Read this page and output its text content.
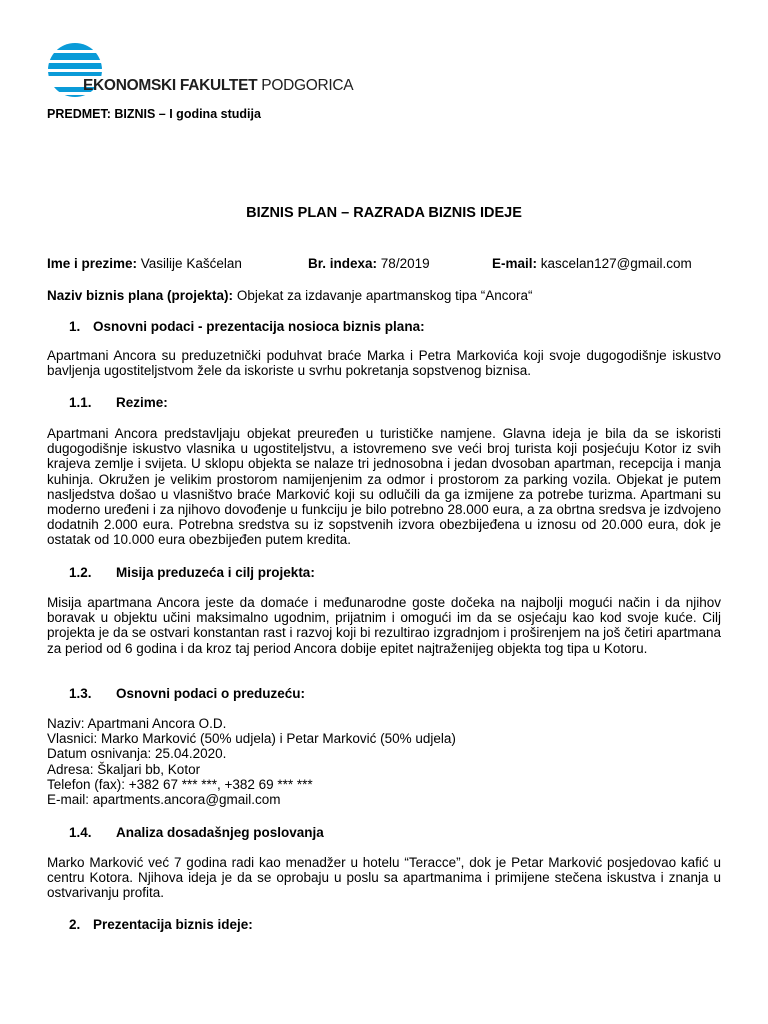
EKONOMSKI FAKULTET PODGORICA
PREDMET: BIZNIS – I godina studija
BIZNIS PLAN – RAZRADA BIZNIS IDEJE
Ime i prezime: Vasilije Kašćelan	Br. indexa: 78/2019	E-mail: kascelan127@gmail.com
Naziv biznis plana (projekta): Objekat za izdavanje apartmanskog tipa “Ancora“
1. Osnovni podaci - prezentacija nosioca biznis plana:
Apartmani Ancora su preduzetnički poduhvat braće Marka i Petra Markovića koji svoje dugogodišnje iskustvo bavljenja ugostiteljstvom žele da iskoriste u svrhu pokretanja sopstvenog biznisa.
1.1. Rezime:
Apartmani Ancora predstavljaju objekat preuređen u turističke namjene. Glavna ideja je bila da se iskoristi dugogodišnje iskustvo vlasnika u ugostiteljstvu, a istovremeno sve veći broj turista koji posjećuju Kotor iz svih krajeva zemlje i svijeta. U sklopu objekta se nalaze tri jednosobna i jedan dvosoban apartman, recepcija i manja kuhinja. Okružen je velikim prostorom namijenjenim za odmor i prostorom za parking vozila. Objekat je putem nasljedstva došao u vlasništvo braće Marković koji su odlučili da ga izmijene za potrebe turizma. Apartmani su moderno uređeni i za njihovo dovođenje u funkciju je bilo potrebno 28.000 eura, a za obrtna sredsva je izdvojeno dodatnih 2.000 eura. Potrebna sredstva su iz sopstvenih izvora obezbijeđena u iznosu od 20.000 eura, dok je ostatak od 10.000 eura obezbijeđen putem kredita.
1.2. Misija preduzeća i cilj projekta:
Misija apartmana Ancora jeste da domaće i međunarodne goste dočeka na najbolji mogući način i da njihov boravak u objektu učini maksimalno ugodnim, prijatnim i omogući im da se osjećaju kao kod svoje kuće. Cilj projekta je da se ostvari konstantan rast i razvoj koji bi rezultirao izgradnjom i proširenjem na još četiri apartmana za period od 6 godina i da kroz taj period Ancora dobije epitet najtraženijeg objekta tog tipa u Kotoru.
1.3. Osnovni podaci o preduzeću:
Naziv: Apartmani Ancora O.D.
Vlasnici: Marko Marković (50% udjela) i Petar Marković (50% udjela)
Datum osnivanja: 25.04.2020.
Adresa: Škaljari bb, Kotor
Telefon (fax): +382 67 *** ***, +382 69 *** ***
E-mail: apartments.ancora@gmail.com
1.4. Analiza dosadašnjeg poslovanja
Marko Marković već 7 godina radi kao menadžer u hotelu “Teracce”, dok je Petar Marković posjedovao kafić u centru Kotora. Njihova ideja je da se oprobaju u poslu sa apartmanima i primijene stečena iskustva i znanja u ostvarivanju profita.
2. Prezentacija biznis ideje:
